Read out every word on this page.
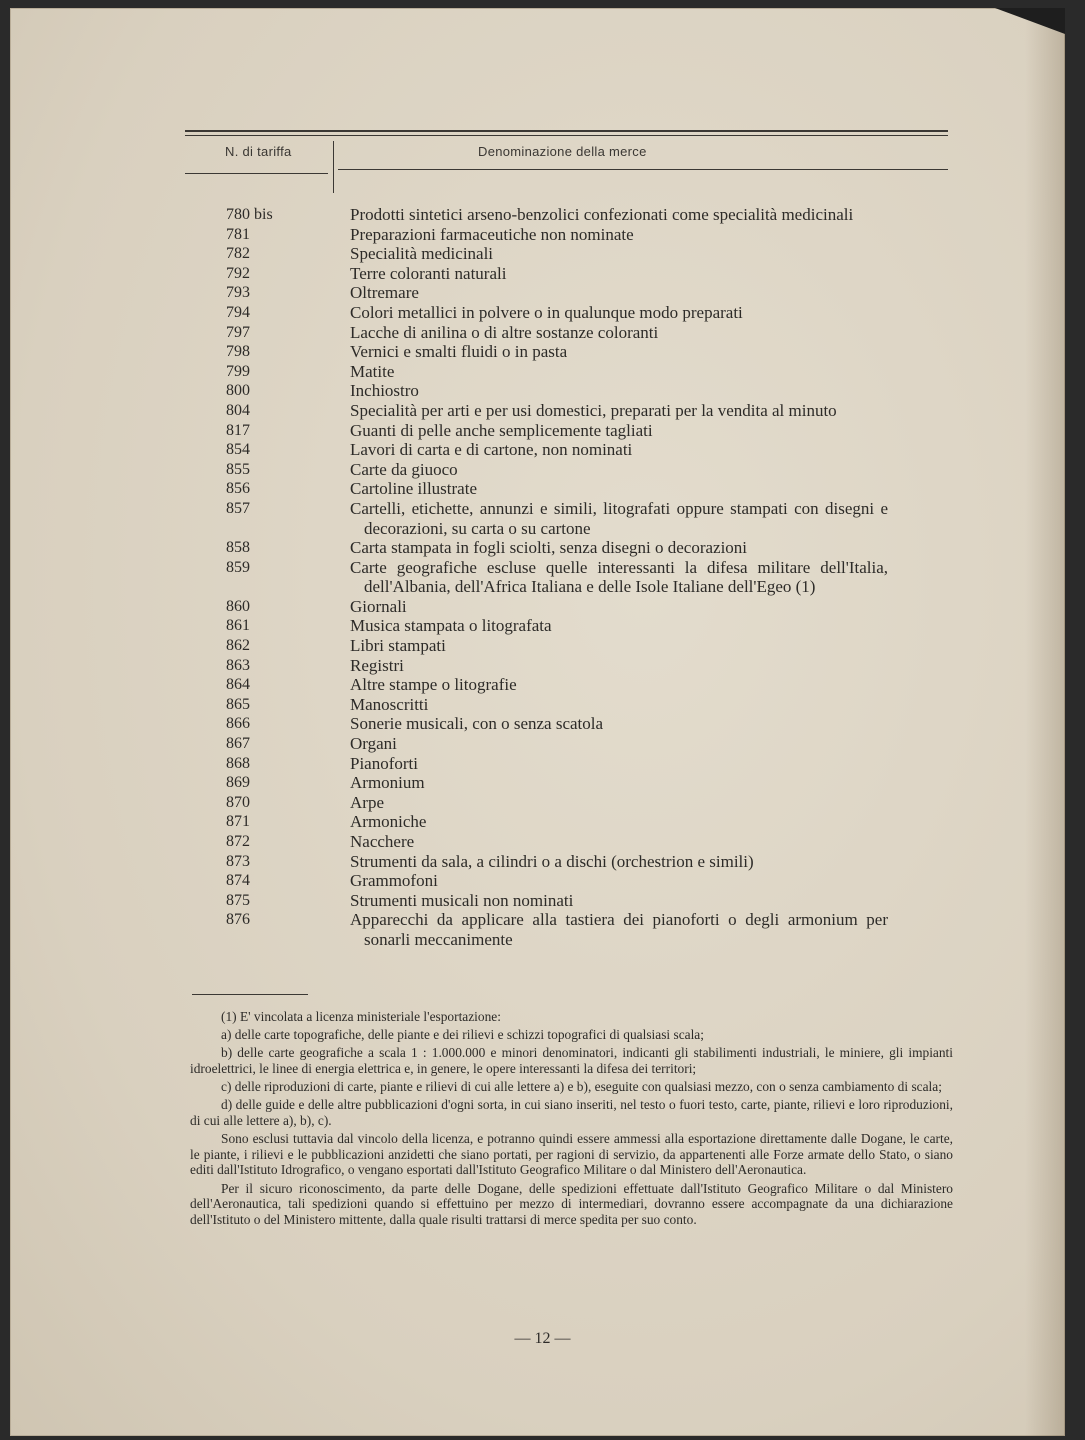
N. di tariffa	Denominazione della merce
780 bis	Prodotti sintetici arseno-benzolici confezionati come specialità medicinali
781	Preparazioni farmaceutiche non nominate
782	Specialità medicinali
792	Terre coloranti naturali
793	Oltremare
794	Colori metallici in polvere o in qualunque modo preparati
797	Lacche di anilina o di altre sostanze coloranti
798	Vernici e smalti fluidi o in pasta
799	Matite
800	Inchiostro
804	Specialità per arti e per usi domestici, preparati per la vendita al minuto
817	Guanti di pelle anche semplicemente tagliati
854	Lavori di carta e di cartone, non nominati
855	Carte da giuoco
856	Cartoline illustrate
857	Cartelli, etichette, annunzi e simili, litografati oppure stampati con disegni e decorazioni, su carta o su cartone
858	Carta stampata in fogli sciolti, senza disegni o decorazioni
859	Carte geografiche escluse quelle interessanti la difesa militare dell'Italia, dell'Albania, dell'Africa Italiana e delle Isole Italiane dell'Egeo (1)
860	Giornali
861	Musica stampata o litografata
862	Libri stampati
863	Registri
864	Altre stampe o litografie
865	Manoscritti
866	Sonerie musicali, con o senza scatola
867	Organi
868	Pianoforti
869	Armonium
870	Arpe
871	Armoniche
872	Nacchere
873	Strumenti da sala, a cilindri o a dischi (orchestrion e simili)
874	Grammofoni
875	Strumenti musicali non nominati
876	Apparecchi da applicare alla tastiera dei pianoforti o degli armonium per sonarli meccanimente

(1) E' vincolata a licenza ministeriale l'esportazione:

a) delle carte topografiche, delle piante e dei rilievi e schizzi topografici di qualsiasi scala;

b) delle carte geografiche a scala 1 : 1.000.000 e minori denominatori, indicanti gli stabilimenti industriali, le miniere, gli impianti idroelettrici, le linee di energia elettrica e, in genere, le opere interessanti la difesa dei territori;

c) delle riproduzioni di carte, piante e rilievi di cui alle lettere a) e b), eseguite con qualsiasi mezzo, con o senza cambiamento di scala;

d) delle guide e delle altre pubblicazioni d'ogni sorta, in cui siano inseriti, nel testo o fuori testo, carte, piante, rilievi e loro riproduzioni, di cui alle lettere a), b), c).

Sono esclusi tuttavia dal vincolo della licenza, e potranno quindi essere ammessi alla esportazione direttamente dalle Dogane, le carte, le piante, i rilievi e le pubblicazioni anzidetti che siano portati, per ragioni di servizio, da appartenenti alle Forze armate dello Stato, o siano editi dall'Istituto Idrografico, o vengano esportati dall'Istituto Geografico Militare o dal Ministero dell'Aeronautica.

Per il sicuro riconoscimento, da parte delle Dogane, delle spedizioni effettuate dall'Istituto Geografico Militare o dal Ministero dell'Aeronautica, tali spedizioni quando si effettuino per mezzo di intermediari, dovranno essere accompagnate da una dichiarazione dell'Istituto o del Ministero mittente, dalla quale risulti trattarsi di merce spedita per suo conto.

— 12 —
